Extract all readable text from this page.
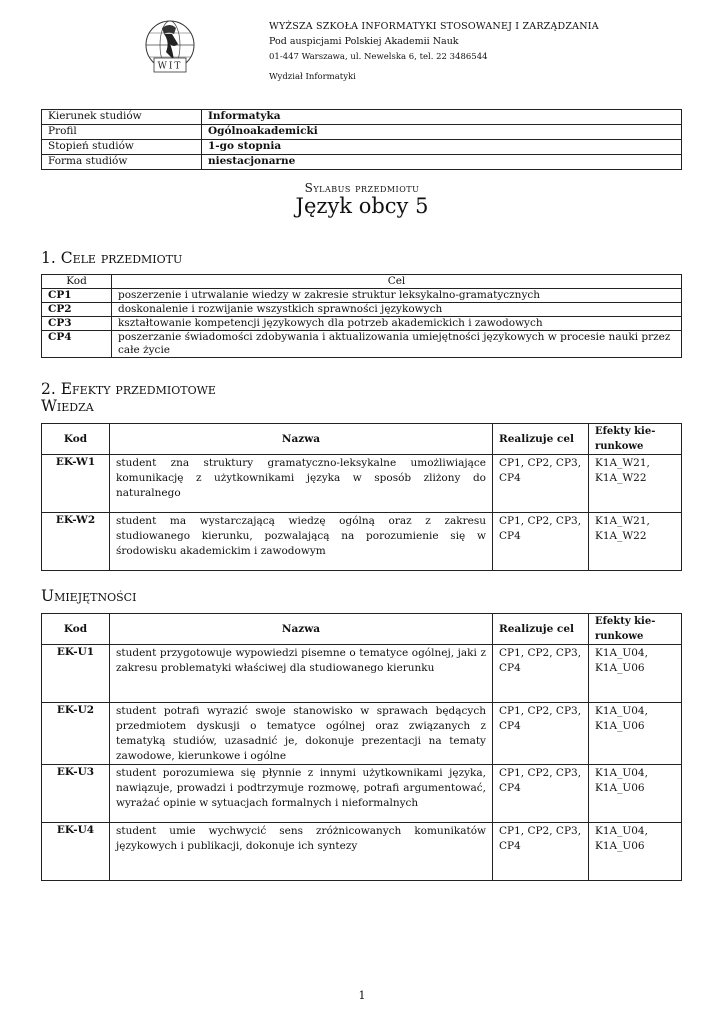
WIT
WYŻSZA SZKOŁA INFORMATYKI STOSOWANEJ I ZARZĄDZANIA
Pod auspicjami Polskiej Akademii Nauk
01-447 Warszawa, ul. Newelska 6, tel. 22 3486544
Wydział Informatyki
Kierunek studiów	Informatyka
Profil	Ogólnoakademicki
Stopień studiów	1-go stopnia
Forma studiów	niestacjonarne
Sylabus przedmiotu
Język obcy 5
1. Cele przedmiotu
Kod	Cel
CP1	poszerzenie i utrwalanie wiedzy w zakresie struktur leksykalno-gramatycznych
CP2	doskonalenie i rozwijanie wszystkich sprawności językowych
CP3	kształtowanie kompetencji językowych dla potrzeb akademickich i zawodowych
CP4	poszerzanie świadomości zdobywania i aktualizowania umiejętności językowych w procesie nauki przez całe życie
2. Efekty przedmiotowe
Wiedza
Kod	Nazwa	Realizuje cel	Efekty kie-runkowe
EK-W1	student zna struktury gramatyczno-leksykalne umożliwiające komunikację z użytkownikami języka w sposób zliżony do naturalnego	CP1, CP2, CP3, CP4	K1A_W21, K1A_W22
EK-W2	student ma wystarczającą wiedzę ogólną oraz z zakresu studiowanego kierunku, pozwalającą na porozumienie się w środowisku akademickim i zawodowym	CP1, CP2, CP3, CP4	K1A_W21, K1A_W22
Umiejętności
Kod	Nazwa	Realizuje cel	Efekty kie-runkowe
EK-U1	student przygotowuje wypowiedzi pisemne o tematyce ogólnej, jaki z zakresu problematyki właściwej dla studiowanego kierunku	CP1, CP2, CP3, CP4	K1A_U04, K1A_U06
EK-U2	student potrafi wyrazić swoje stanowisko w sprawach będących przedmiotem dyskusji o tematyce ogólnej oraz związanych z tematyką studiów, uzasadnić je, dokonuje prezentacji na tematy zawodowe, kierunkowe i ogólne	CP1, CP2, CP3, CP4	K1A_U04, K1A_U06
EK-U3	student porozumiewa się płynnie z innymi użytkownikami języka, nawiązuje, prowadzi i podtrzymuje rozmowę, potrafi argumentować, wyrażać opinie w sytuacjach formalnych i nieformalnych	CP1, CP2, CP3, CP4	K1A_U04, K1A_U06
EK-U4	student umie wychwycić sens zróżnicowanych komunikatów językowych i publikacji, dokonuje ich syntezy	CP1, CP2, CP3, CP4	K1A_U04, K1A_U06
1
